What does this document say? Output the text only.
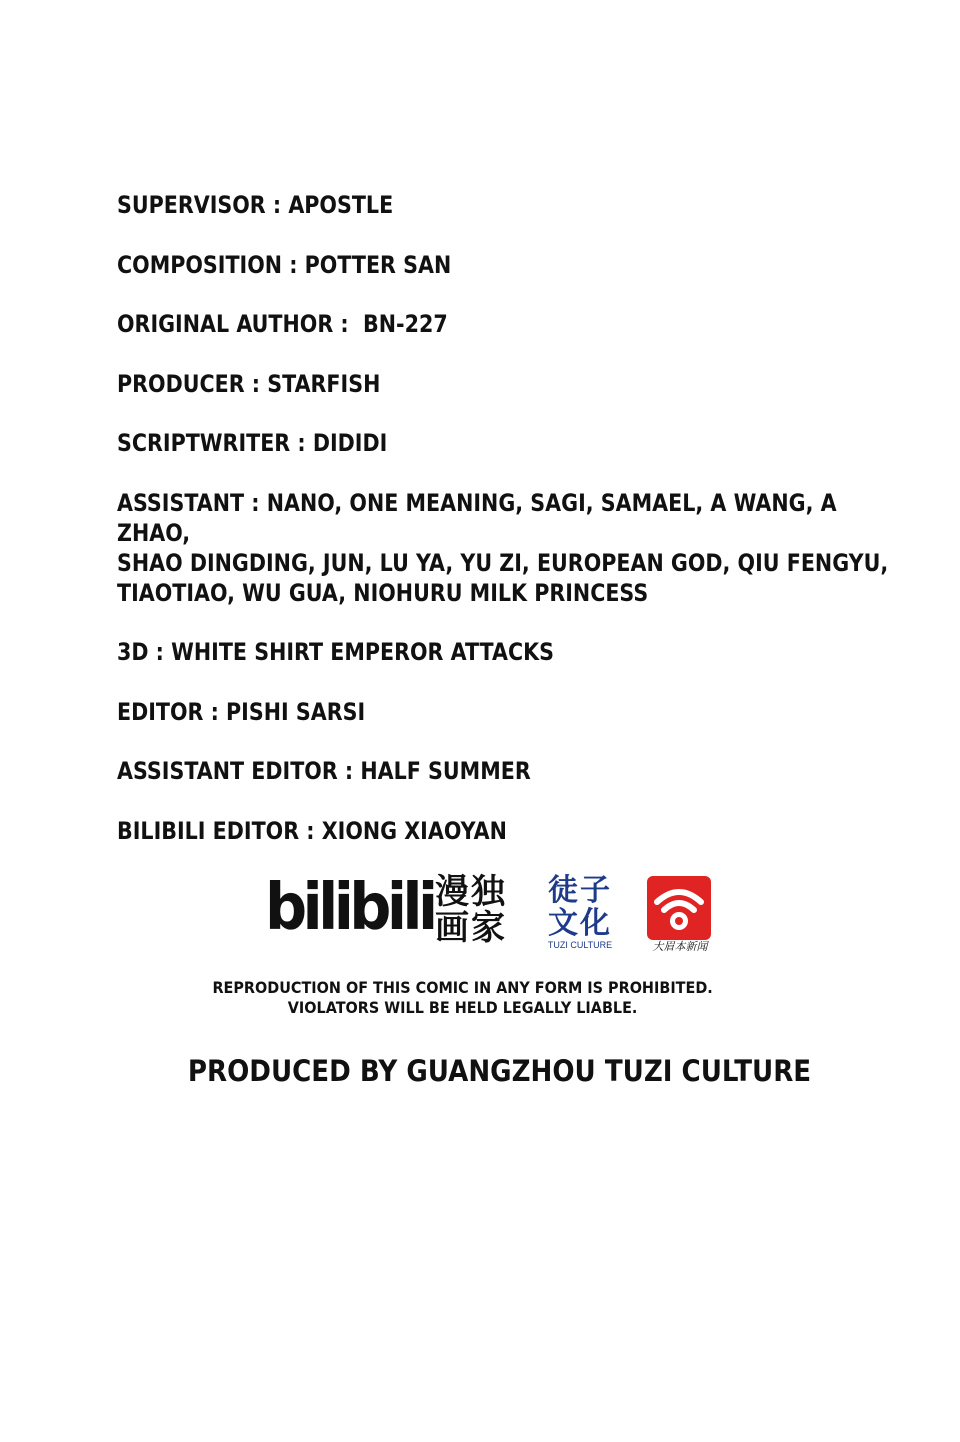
SUPERVISOR : APOSTLE
COMPOSITION : POTTER SAN
ORIGINAL AUTHOR :  BN-227
PRODUCER : STARFISH
SCRIPTWRITER : DIDIDI
ASSISTANT : NANO, ONE MEANING, SAGI, SAMAEL, A WANG, A ZHAO,
SHAO DINGDING, JUN, LU YA, YU ZI, EUROPEAN GOD, QIU FENGYU,
TIAOTIAO, WU GUA, NIOHURU MILK PRINCESS
3D : WHITE SHIRT EMPEROR ATTACKS
EDITOR : PISHI SARSI
ASSISTANT EDITOR : HALF SUMMER
BILIBILI EDITOR : XIONG XIAOYAN
bilibili 漫独画家
徒子文化
TUZI CULTURE	大眉本新闻
REPRODUCTION OF THIS COMIC IN ANY FORM IS PROHIBITED.
VIOLATORS WILL BE HELD LEGALLY LIABLE.
PRODUCED BY GUANGZHOU TUZI CULTURE
